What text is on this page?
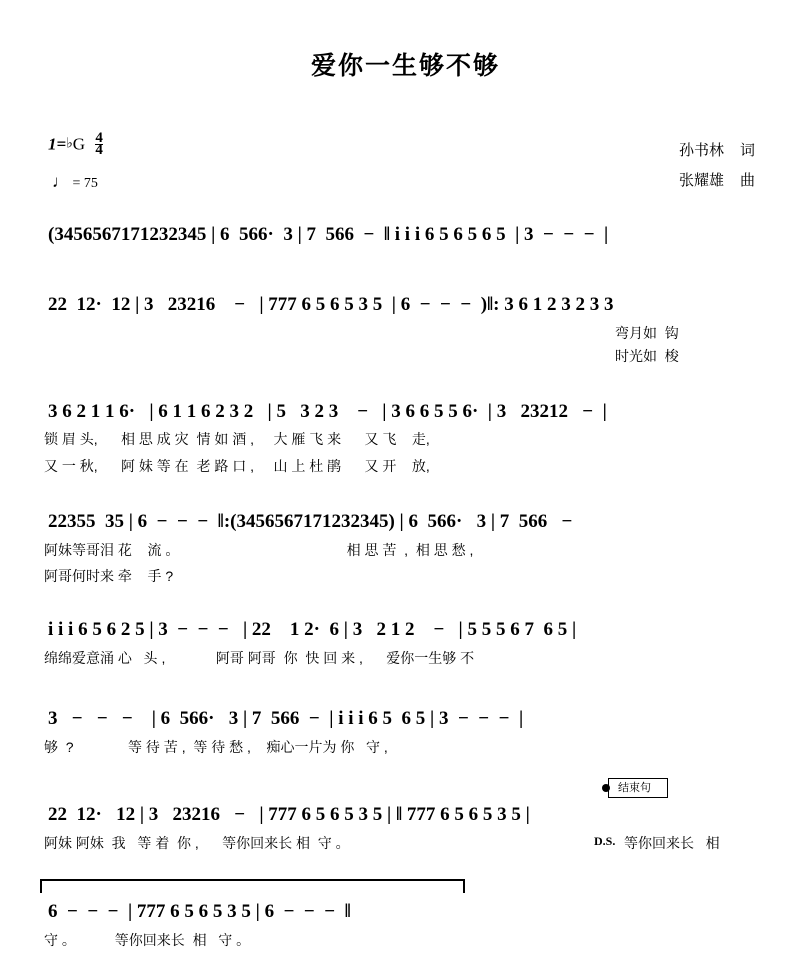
爱你一生够不够
孙书林 词
张耀雄 曲
1=♭G $\frac{4}{4}$
♩ = 75
(3456567171232345 | 6  566·  3 | 7  566  −  ‖ i i i 6 5 6 5 6 5  | 3  −  −  −  |
22  12·  12 | 3   23216    −   | 777 6 5 6 5 3 5  | 6  −  −  −  )‖: 3 6 1 2 3 2 3 3
弯月如  钩
时光如  梭
3 6 2 1 1 6·   | 6 1 1 6 2 3 2   | 5   3 2 3    −   | 3 6 6 5 5 6·  | 3   23212   −  |
锁 眉 头,      相 思 成 灾  情 如 酒 ,     大 雁 飞 来      又 飞    走,
又 一 秋,      阿 妹 等 在  老 路 口 ,     山 上 杜 鹃      又 开    放,
22355  35 | 6  −  −  −  ‖:(3456567171232345) | 6  566·   3 | 7  566   −
阿妹等哥泪 花    流 。                                           相 思 苦  ,  相 思 愁 ,
阿哥何时来 牵    手 ?
i i i 6 5 6 2 5 | 3  −  −  −   | 22    1 2·  6 | 3   2 1 2    −   | 5 5 5 6 7  6 5 |
绵绵爱意涌 心   头 ,             阿哥 阿哥  你  快 回 来 ,      爱你一生够 不
3   −   −   −    | 6  566·   3 | 7  566  −  | i i i 6 5  6 5 | 3  −  −  −  |
够  ?              等 待 苦 ,  等 待 愁 ,    痴心一片为 你   守 ,
结束句
22  12·   12 | 3   23216   −   | 777 6 5 6 5 3 5 | ‖ 777 6 5 6 5 3 5 |
阿妹 阿妹  我   等 着  你 ,      等你回来长 相  守 。	D.S. 等你回来长   相
6  −  −  −  | 777 6 5 6 5 3 5 | 6  −  −  −  ‖
守 。          等你回来长  相   守 。
